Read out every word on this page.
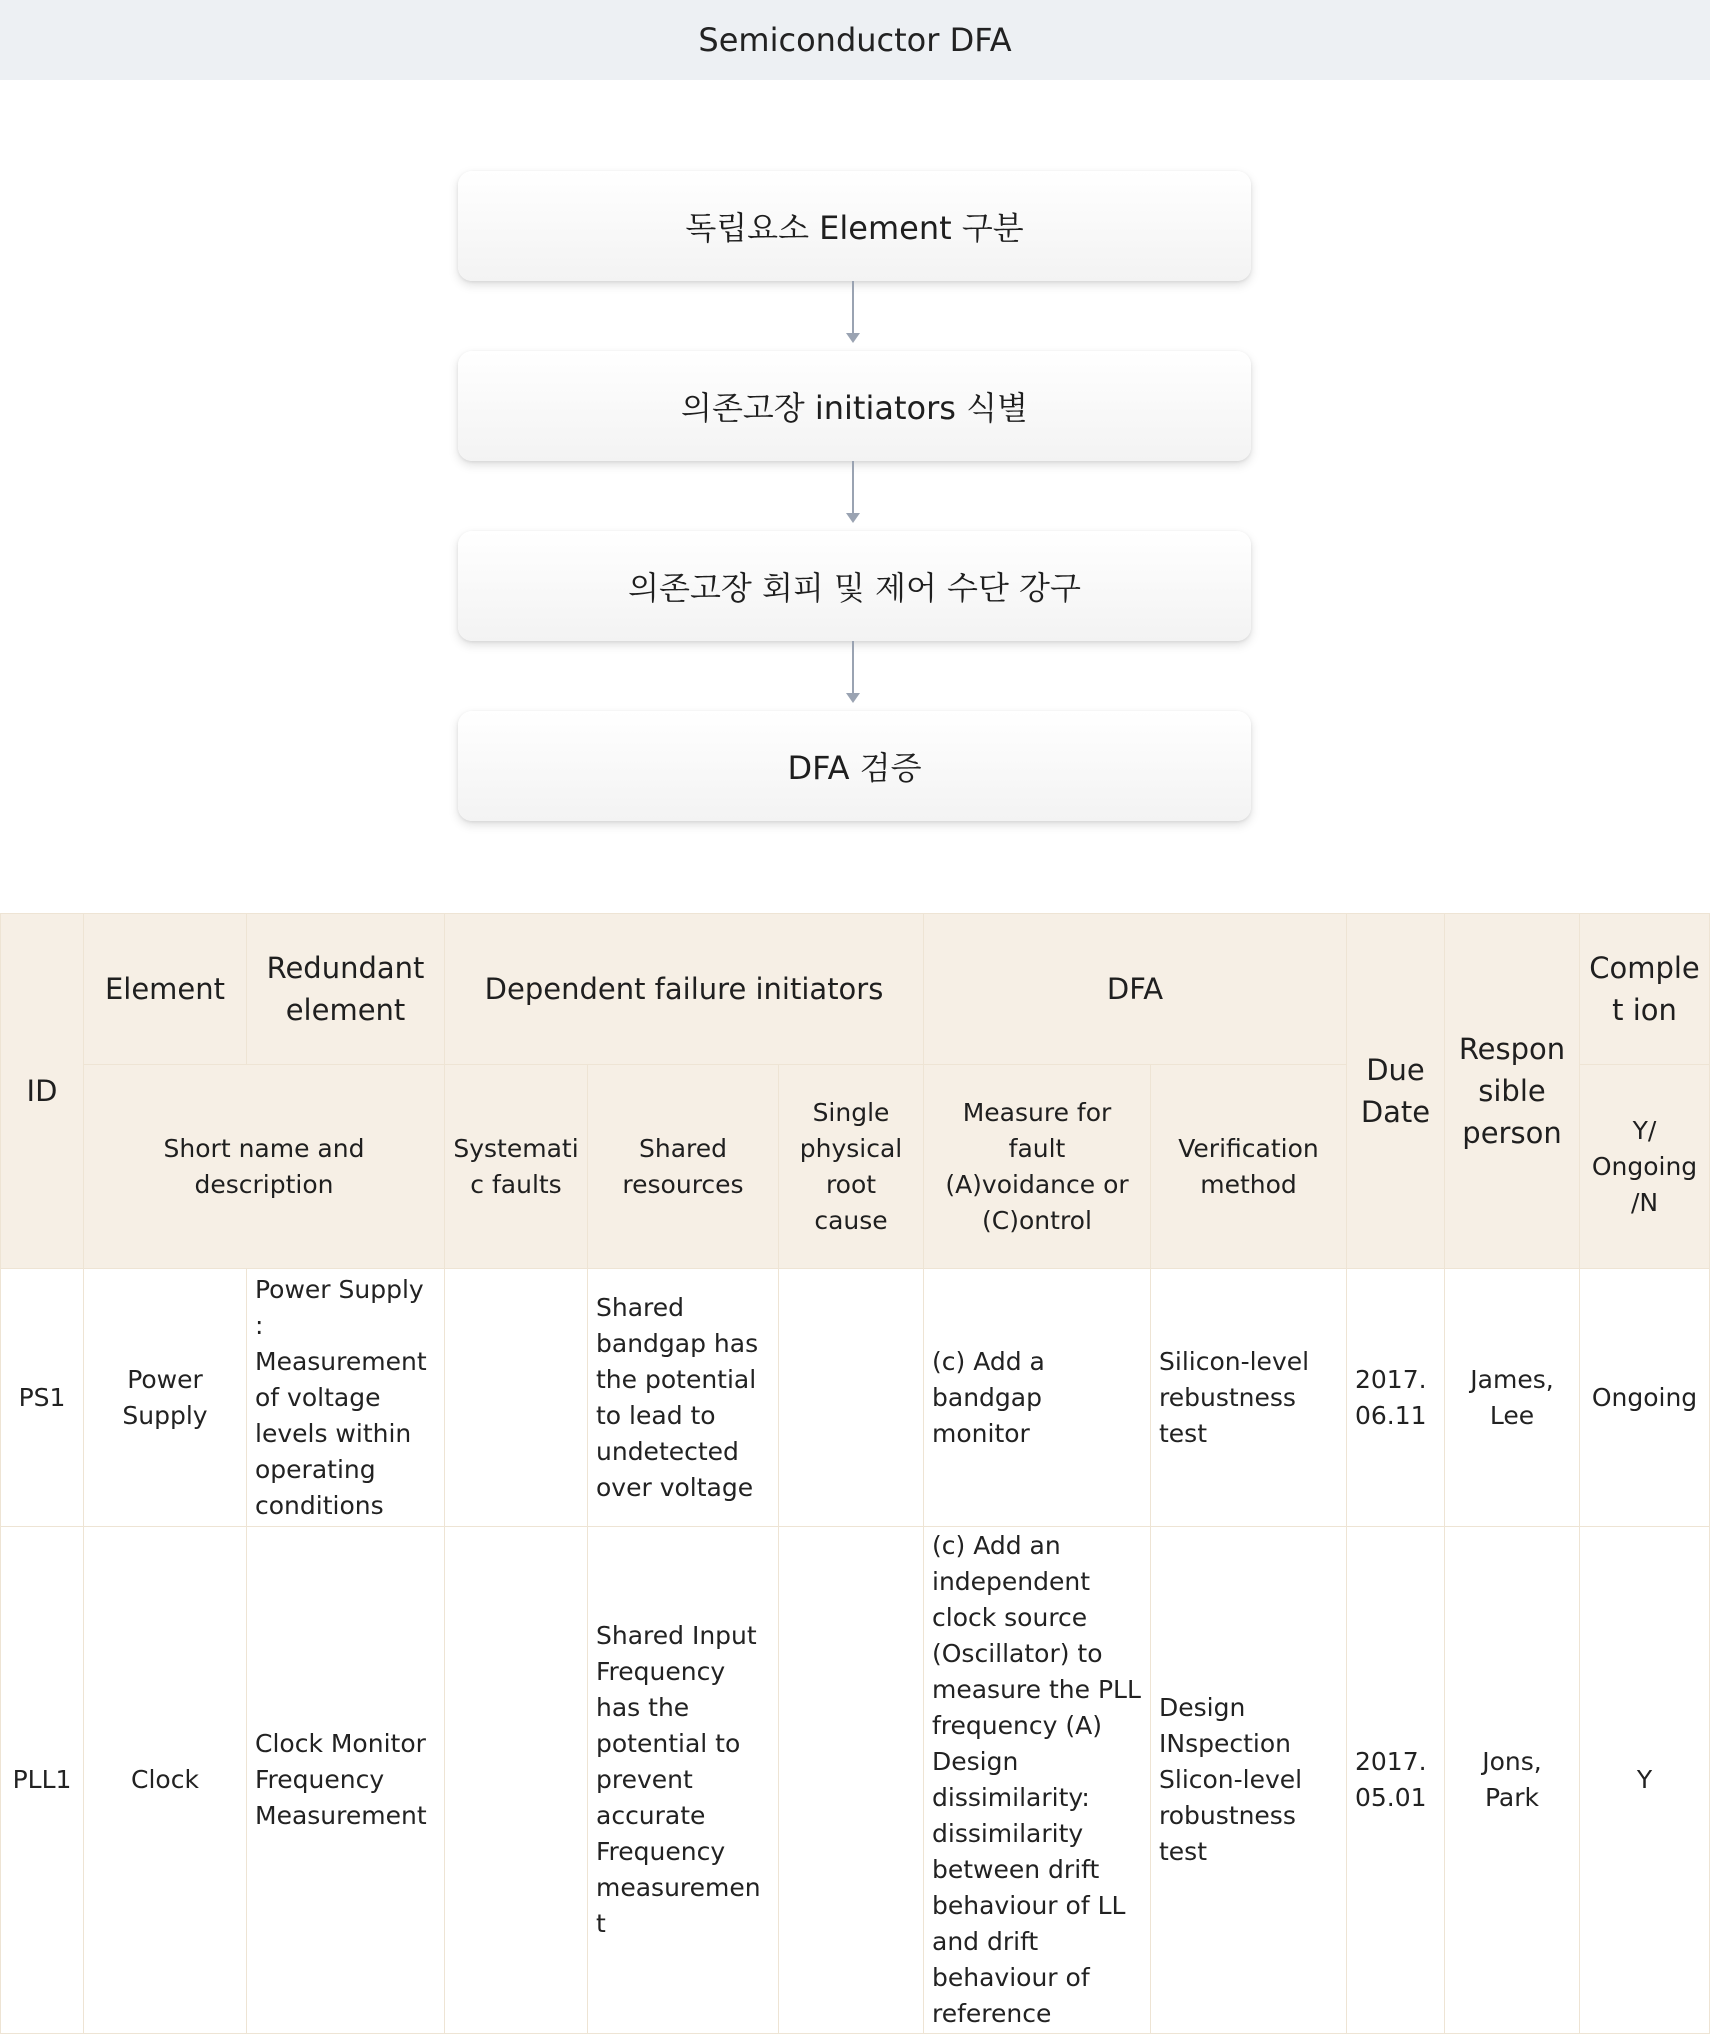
Semiconductor DFA
독립요소 Element 구분
의존고장 initiators 식별
의존고장 회피 및 제어 수단 강구
DFA 검증
ID	Element	Redundant element	Dependent failure initiators			DFA		Due Date	Respon sible person	Complet ion
	Short name and description		Systematic faults	Shared resources	Single physical root cause	Measure for fault (A)voidance or (C)ontrol	Verification method			Y/ Ongoing /N
PS1	Power Supply	Power Supply : Measurement of voltage levels within operating conditions		Shared bandgap has the potential to lead to undetected over voltage		(c) Add a bandgap monitor	Silicon-level rebustness test	2017.06.11	James, Lee	Ongoing
PLL1	Clock	Clock Monitor Frequency Measurement		Shared Input Frequency has the potential to prevent accurate Frequency measurement		(c) Add an independent clock source (Oscillator) to measure the PLL frequency (A) Design dissimilarity: dissimilarity between drift behaviour of LL and drift behaviour of reference	Design INspection Slicon-level robustness test	2017.05.01	Jons, Park	Y
